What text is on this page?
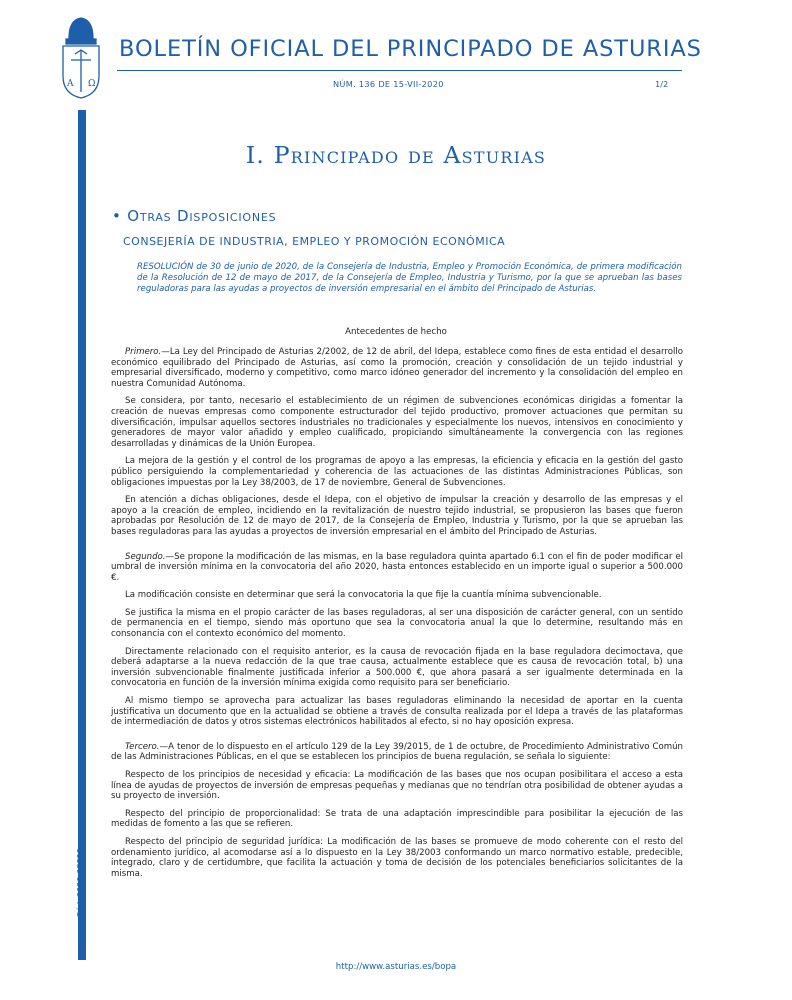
A Ω
BOLETÍN OFICIAL DEL PRINCIPADO DE ASTURIAS
NÚM. 136 DE 15-VII-2020	1/2
Cód. 2020-05398
I. Principado de Asturias
• Otras Disposiciones
CONSEJERÍA DE INDUSTRIA, EMPLEO Y PROMOCIÓN ECONÓMICA
RESOLUCIÓN de 30 de junio de 2020, de la Consejería de Industria, Empleo y Promoción Económica, de primera modificación de la Resolución de 12 de mayo de 2017, de la Consejería de Empleo, Industria y Turismo, por la que se aprueban las bases reguladoras para las ayudas a proyectos de inversión empresarial en el ámbito del Principado de Asturias.
Antecedentes de hecho

Primero.—La Ley del Principado de Asturias 2/2002, de 12 de abril, del Idepa, establece como fines de esta entidad el desarrollo económico equilibrado del Principado de Asturias, así como la promoción, creación y consolidación de un tejido industrial y empresarial diversificado, moderno y competitivo, como marco idóneo generador del incremento y la consolidación del empleo en nuestra Comunidad Autónoma.

Se considera, por tanto, necesario el establecimiento de un régimen de subvenciones económicas dirigidas a fomentar la creación de nuevas empresas como componente estructurador del tejido productivo, promover actuaciones que permitan su diversificación, impulsar aquellos sectores industriales no tradicionales y especialmente los nuevos, intensivos en conocimiento y generadores de mayor valor añadido y empleo cualificado, propiciando simultáneamente la convergencia con las regiones desarrolladas y dinámicas de la Unión Europea.

La mejora de la gestión y el control de los programas de apoyo a las empresas, la eficiencia y eficacia en la gestión del gasto público persiguiendo la complementariedad y coherencia de las actuaciones de las distintas Administraciones Públicas, son obligaciones impuestas por la Ley 38/2003, de 17 de noviembre, General de Subvenciones.

En atención a dichas obligaciones, desde el Idepa, con el objetivo de impulsar la creación y desarrollo de las empresas y el apoyo a la creación de empleo, incidiendo en la revitalización de nuestro tejido industrial, se propusieron las bases que fueron aprobadas por Resolución de 12 de mayo de 2017, de la Consejería de Empleo, Industria y Turismo, por la que se aprueban las bases reguladoras para las ayudas a proyectos de inversión empresarial en el ámbito del Principado de Asturias.

Segundo.—Se propone la modificación de las mismas, en la base reguladora quinta apartado 6.1 con el fin de poder modificar el umbral de inversión mínima en la convocatoria del año 2020, hasta entonces establecido en un importe igual o superior a 500.000 €.

La modificación consiste en determinar que será la convocatoria la que fije la cuantía mínima subvencionable.

Se justifica la misma en el propio carácter de las bases reguladoras, al ser una disposición de carácter general, con un sentido de permanencia en el tiempo, siendo más oportuno que sea la convocatoria anual la que lo determine, resultando más en consonancia con el contexto económico del momento.

Directamente relacionado con el requisito anterior, es la causa de revocación fijada en la base reguladora decimoctava, que deberá adaptarse a la nueva redacción de la que trae causa, actualmente establece que es causa de revocación total, b) una inversión subvencionable finalmente justificada inferior a 500.000 €, que ahora pasará a ser igualmente determinada en la convocatoria en función de la inversión mínima exigida como requisito para ser beneficiario.

Al mismo tiempo se aprovecha para actualizar las bases reguladoras eliminando la necesidad de aportar en la cuenta justificativa un documento que en la actualidad se obtiene a través de consulta realizada por el Idepa a través de las plataformas de intermediación de datos y otros sistemas electrónicos habilitados al efecto, si no hay oposición expresa.

Tercero.—A tenor de lo dispuesto en el artículo 129 de la Ley 39/2015, de 1 de octubre, de Procedimiento Administrativo Común de las Administraciones Públicas, en el que se establecen los principios de buena regulación, se señala lo siguiente:

Respecto de los principios de necesidad y eficacia: La modificación de las bases que nos ocupan posibilitara el acceso a esta línea de ayudas de proyectos de inversión de empresas pequeñas y medianas que no tendrían otra posibilidad de obtener ayudas a su proyecto de inversión.

Respecto del principio de proporcionalidad: Se trata de una adaptación imprescindible para posibilitar la ejecución de las medidas de fomento a las que se refieren.

Respecto del principio de seguridad jurídica: La modificación de las bases se promueve de modo coherente con el resto del ordenamiento jurídico, al acomodarse así a lo dispuesto en la Ley 38/2003 conformando un marco normativo estable, predecible, integrado, claro y de certidumbre, que facilita la actuación y toma de decisión de los potenciales beneficiarios solicitantes de la misma.

http://www.asturias.es/bopa
